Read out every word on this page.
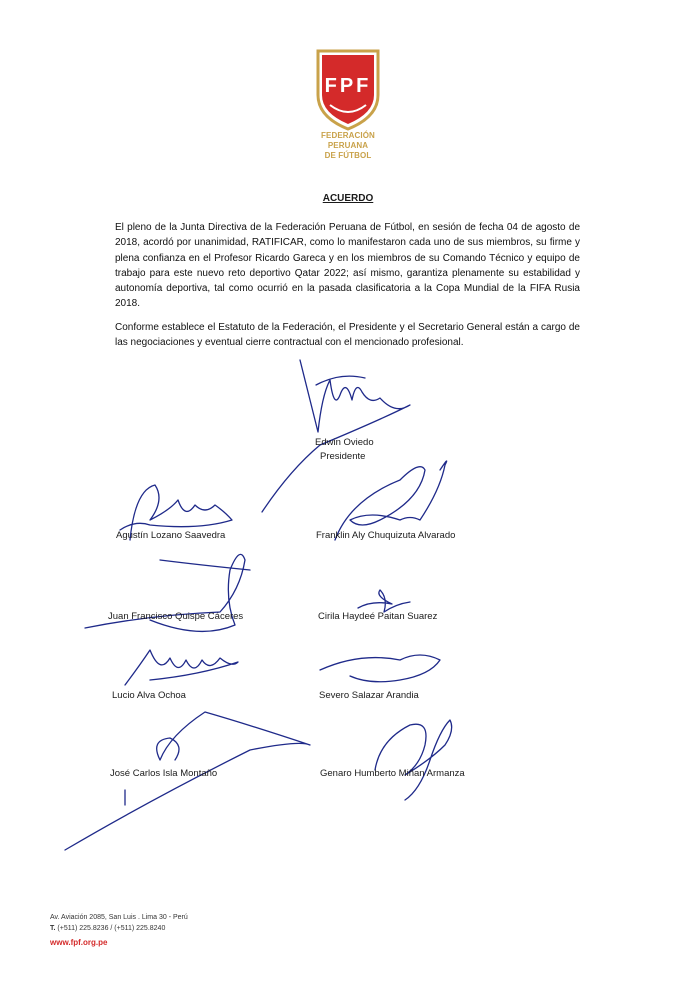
FPF
FEDERACIÓN PERUANA
DE FÚTBOL
ACUERDO

El pleno de la Junta Directiva de la Federación Peruana de Fútbol, en sesión de fecha 04 de agosto de 2018, acordó por unanimidad, RATIFICAR, como lo manifestaron cada uno de sus miembros, su firme y plena confianza en el Profesor Ricardo Gareca y en los miembros de su Comando Técnico y equipo de trabajo para este nuevo reto deportivo Qatar 2022; así mismo, garantiza plenamente su estabilidad y autonomía deportiva, tal como ocurrió en la pasada clasificatoria a la Copa Mundial de la FIFA Rusia 2018.

Conforme establece el Estatuto de la Federación, el Presidente y el Secretario General están a cargo de las negociaciones y eventual cierre contractual con el mencionado profesional.

Edwin Oviedo
Presidente
Agustín Lozano Saavedra	Franklin Aly Chuquizuta Alvarado
Juan Francisco Quispe Cáceres	Cirila Haydeé Paitan Suarez
Lucio Alva Ochoa	Severo Salazar Arandia
José Carlos Isla Montaño	Genaro Humberto Miñan Armanza
Av. Aviación 2085, San Luis . Lima 30 - Perú
T. (+511) 225.8236 / (+511) 225.8240
www.fpf.org.pe
